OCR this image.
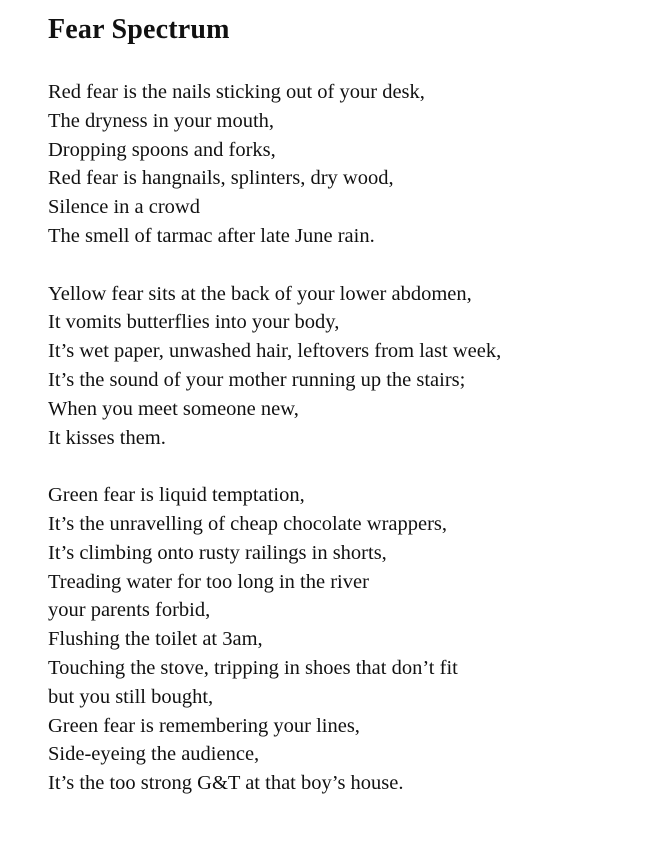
Fear Spectrum
Red fear is the nails sticking out of your desk,
The dryness in your mouth,
Dropping spoons and forks,
Red fear is hangnails, splinters, dry wood,
Silence in a crowd
The smell of tarmac after late June rain.
Yellow fear sits at the back of your lower abdomen,
It vomits butterflies into your body,
It’s wet paper, unwashed hair, leftovers from last week,
It’s the sound of your mother running up the stairs;
When you meet someone new,
It kisses them.
Green fear is liquid temptation,
It’s the unravelling of cheap chocolate wrappers,
It’s climbing onto rusty railings in shorts,
Treading water for too long in the river
your parents forbid,
Flushing the toilet at 3am,
Touching the stove, tripping in shoes that don’t fit
but you still bought,
Green fear is remembering your lines,
Side-eyeing the audience,
It’s the too strong G&T at that boy’s house.
